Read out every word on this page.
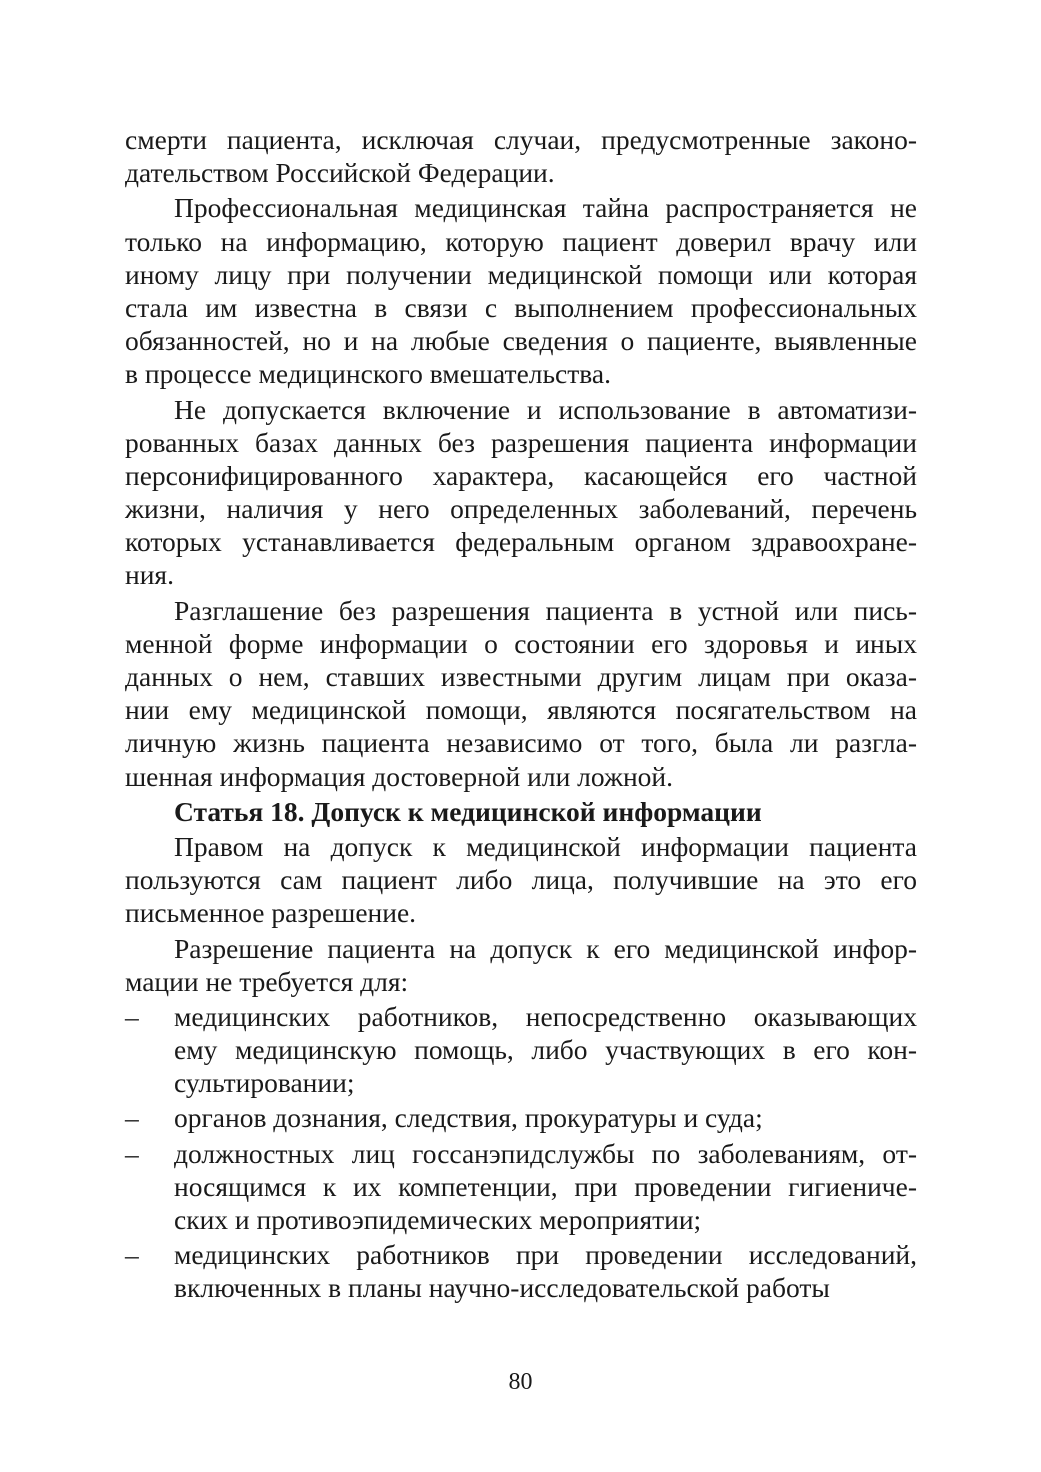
смерти пациента, исключая случаи, предусмотренные законо-
дательством Российской Федерации.
Профессиональная медицинская тайна распространяется не
только на информацию, которую пациент доверил врачу или
иному лицу при получении медицинской помощи или которая
стала им известна в связи с выполнением профессиональных
обязанностей, но и на любые сведения о пациенте, выявленные
в процессе медицинского вмешательства.
Не допускается включение и использование в автоматизи-
рованных базах данных без разрешения пациента информации
персонифицированного характера, касающейся его частной
жизни, наличия у него определенных заболеваний, перечень
которых устанавливается федеральным органом здравоохране-
ния.
Разглашение без разрешения пациента в устной или пись-
менной форме информации о состоянии его здоровья и иных
данных о нем, ставших известными другим лицам при оказа-
нии ему медицинской помощи, являются посягательством на
личную жизнь пациента независимо от того, была ли разгла-
шенная информация достоверной или ложной.
Статья 18. Допуск к медицинской информации
Правом на допуск к медицинской информации пациента
пользуются сам пациент либо лица, получившие на это его
письменное разрешение.
Разрешение пациента на допуск к его медицинской инфор-
мации не требуется для:
– медицинских работников, непосредственно оказывающих
ему медицинскую помощь, либо участвующих в его кон-
сультировании;
– органов дознания, следствия, прокуратуры и суда;
– должностных лиц госсанэпидслужбы по заболеваниям, от-
носящимся к их компетенции, при проведении гигиениче-
ских и противоэпидемических мероприятии;
– медицинских работников при проведении исследований,
включенных в планы научно-исследовательской работы
80
